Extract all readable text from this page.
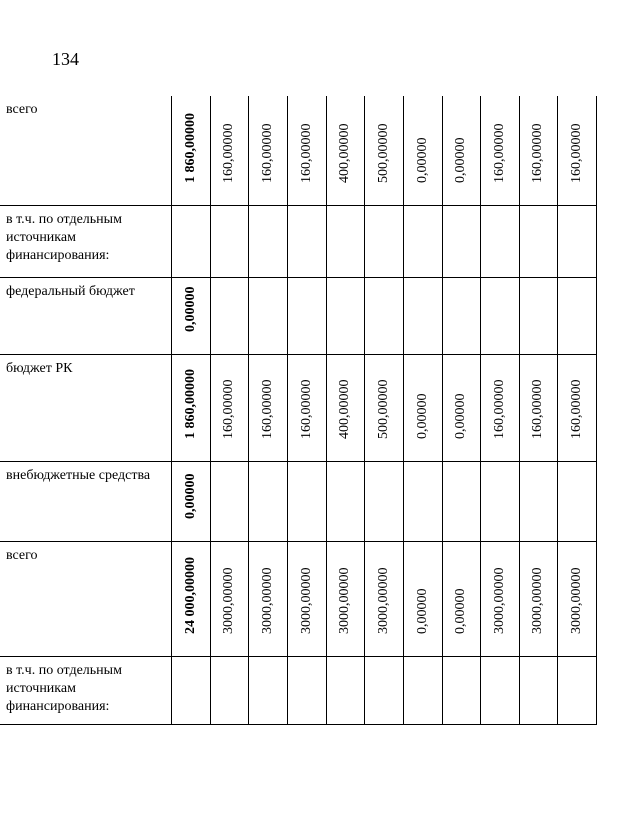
134
всего	1 860,00000	160,00000	160,00000	160,00000	400,00000	500,00000	0,00000	0,00000	160,00000	160,00000	160,00000

в т.ч. по отдельным источникам финансирования:	

федеральный бюджет	0,00000										

бюджет РК	1 860,00000	160,00000	160,00000	160,00000	400,00000	500,00000	0,00000	0,00000	160,00000	160,00000	160,00000

внебюджетные средства	0,00000										

всего	24 000,00000	3000,00000	3000,00000	3000,00000	3000,00000	3000,00000	0,00000	0,00000	3000,00000	3000,00000	3000,00000

в т.ч. по отдельным источникам финансирования:	
